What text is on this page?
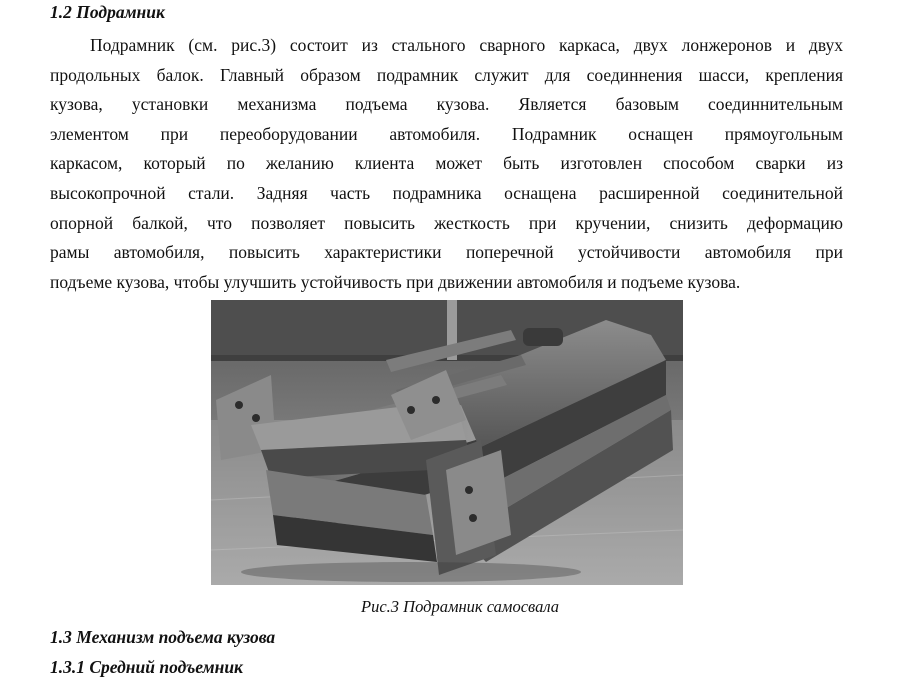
1.2 Подрамник
Подрамник (см. рис.3) состоит из стального сварного каркаса, двух лонжеронов и двух
продольных балок. Главный образом подрамник служит для соединнения шасси, крепления
кузова, установки механизма подъема кузова. Является базовым соединнительным
элементом при переоборудовании автомобиля. Подрамник оснащен прямоугольным
каркасом, который по желанию клиента может быть изготовлен способом сварки из
высокопрочной стали. Задняя часть подрамника оснащена расширенной соединительной
опорной балкой, что позволяет повысить жесткость при кручении, снизить деформацию
рамы автомобиля, повысить характеристики поперечной устойчивости автомобиля при
подъеме кузова, чтобы улучшить устойчивость при движении автомобиля и подъеме кузова.

Рис.3 Подрамник самосвала

1.3 Механизм подъема кузова
1.3.1 Средний подъемник
